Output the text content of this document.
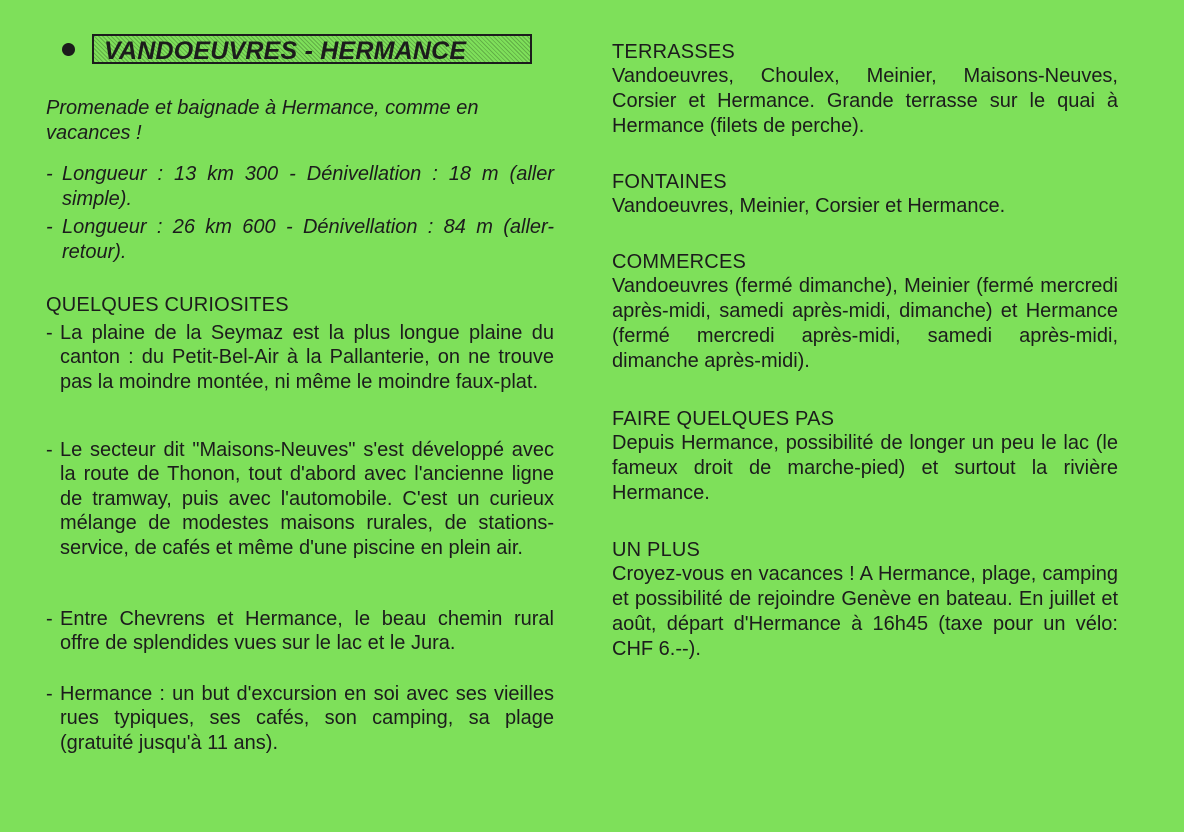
VANDOEUVRES - HERMANCE
Promenade et baignade à Hermance, comme en vacances !
- Longueur : 13 km 300 - Dénivellation : 18 m (aller simple).
- Longueur : 26 km 600 - Dénivellation : 84 m (aller-retour).
QUELQUES CURIOSITES
- La plaine de la Seymaz est la plus longue plaine du canton : du Petit-Bel-Air à la Pallanterie, on ne trouve pas la moindre montée, ni même le moindre faux-plat.
- Le secteur dit "Maisons-Neuves" s'est développé avec la route de Thonon, tout d'abord avec l'ancienne ligne de tramway, puis avec l'automobile. C'est un curieux mélange de modestes maisons rurales, de stations-service, de cafés et même d'une piscine en plein air.
- Entre Chevrens et Hermance, le beau chemin rural offre de splendides vues sur le lac et le Jura.
- Hermance : un but d'excursion en soi avec ses vieilles rues typiques, ses cafés, son camping, sa plage (gratuité jusqu'à 11 ans).
TERRASSES
Vandoeuvres, Choulex, Meinier, Maisons-Neuves, Corsier et Hermance. Grande terrasse sur le quai à Hermance (filets de perche).
FONTAINES
Vandoeuvres, Meinier, Corsier et Hermance.
COMMERCES
Vandoeuvres (fermé dimanche), Meinier (fermé mercredi après-midi, samedi après-midi, dimanche) et Hermance (fermé mercredi après-midi, samedi après-midi, dimanche après-midi).
FAIRE QUELQUES PAS
Depuis Hermance, possibilité de longer un peu le lac (le fameux droit de marche-pied) et surtout la rivière Hermance.
UN PLUS
Croyez-vous en vacances ! A Hermance, plage, camping et possibilité de rejoindre Genève en bateau. En juillet et août, départ d'Hermance à 16h45 (taxe pour un vélo: CHF 6.--).
